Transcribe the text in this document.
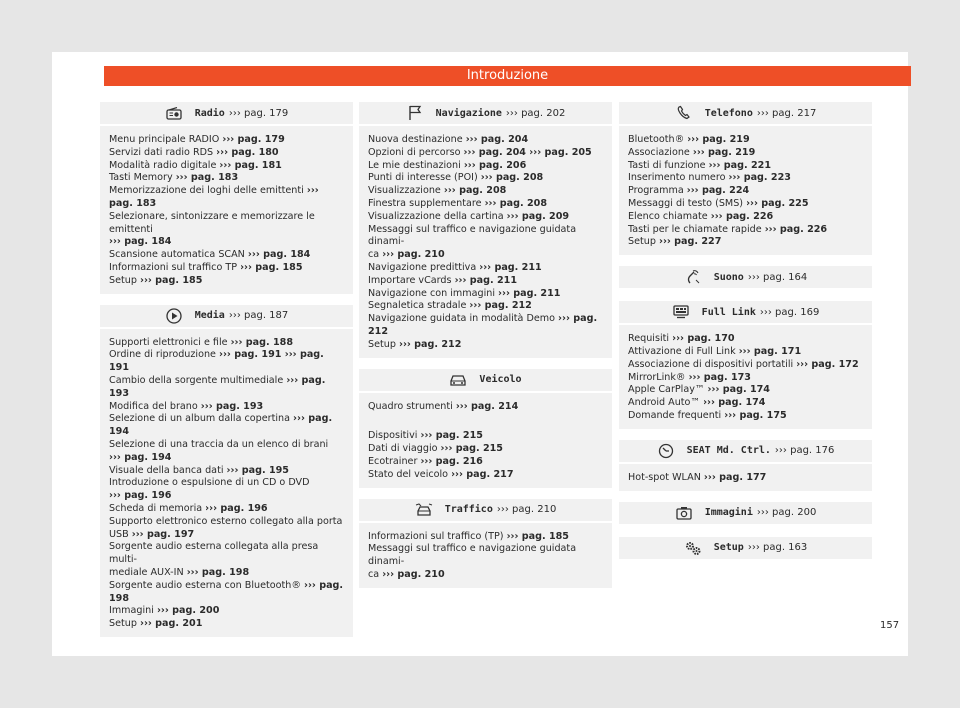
Introduzione
Radio ››› pag. 179
Menu principale RADIO ››› pag. 179
Servizi dati radio RDS ››› pag. 180
Modalità radio digitale ››› pag. 181
Tasti Memory ››› pag. 183
Memorizzazione dei loghi delle emittenti ››› pag. 183
Selezionare, sintonizzare e memorizzare le emittenti
››› pag. 184
Scansione automatica SCAN ››› pag. 184
Informazioni sul traffico TP ››› pag. 185
Setup ››› pag. 185
Media ››› pag. 187
Supporti elettronici e file ››› pag. 188
Ordine di riproduzione ››› pag. 191 ››› pag. 191
Cambio della sorgente multimediale ››› pag. 193
Modifica del brano ››› pag. 193
Selezione di un album dalla copertina ››› pag. 194
Selezione di una traccia da un elenco di brani
››› pag. 194
Visuale della banca dati ››› pag. 195
Introduzione o espulsione di un CD o DVD
››› pag. 196
Scheda di memoria ››› pag. 196
Supporto elettronico esterno collegato alla porta
USB ››› pag. 197
Sorgente audio esterna collegata alla presa multi-
mediale AUX-IN ››› pag. 198
Sorgente audio esterna con Bluetooth® ››› pag. 198
Immagini ››› pag. 200
Setup ››› pag. 201
Navigazione ››› pag. 202
Nuova destinazione ››› pag. 204
Opzioni di percorso ››› pag. 204 ››› pag. 205
Le mie destinazioni ››› pag. 206
Punti di interesse (POI) ››› pag. 208
Visualizzazione ››› pag. 208
Finestra supplementare ››› pag. 208
Visualizzazione della cartina ››› pag. 209
Messaggi sul traffico e navigazione guidata dinami-
ca ››› pag. 210
Navigazione predittiva ››› pag. 211
Importare vCards ››› pag. 211
Navigazione con immagini ››› pag. 211
Segnaletica stradale ››› pag. 212
Navigazione guidata in modalità Demo ››› pag. 212
Setup ››› pag. 212
Veicolo
Quadro strumenti ››› pag. 214
Dispositivi ››› pag. 215
Dati di viaggio ››› pag. 215
Ecotrainer ››› pag. 216
Stato del veicolo ››› pag. 217
Traffico ››› pag. 210
Informazioni sul traffico (TP) ››› pag. 185
Messaggi sul traffico e navigazione guidata dinami-
ca ››› pag. 210
Telefono ››› pag. 217
Bluetooth® ››› pag. 219
Associazione ››› pag. 219
Tasti di funzione ››› pag. 221
Inserimento numero ››› pag. 223
Programma ››› pag. 224
Messaggi di testo (SMS) ››› pag. 225
Elenco chiamate ››› pag. 226
Tasti per le chiamate rapide ››› pag. 226
Setup ››› pag. 227
Suono ››› pag. 164
Full Link ››› pag. 169
Requisiti ››› pag. 170
Attivazione di Full Link ››› pag. 171
Associazione di dispositivi portatili ››› pag. 172
MirrorLink® ››› pag. 173
Apple CarPlay™ ››› pag. 174
Android Auto™ ››› pag. 174
Domande frequenti ››› pag. 175
SEAT Md. Ctrl. ››› pag. 176
Hot-spot WLAN ››› pag. 177
Immagini ››› pag. 200
Setup ››› pag. 163
157
